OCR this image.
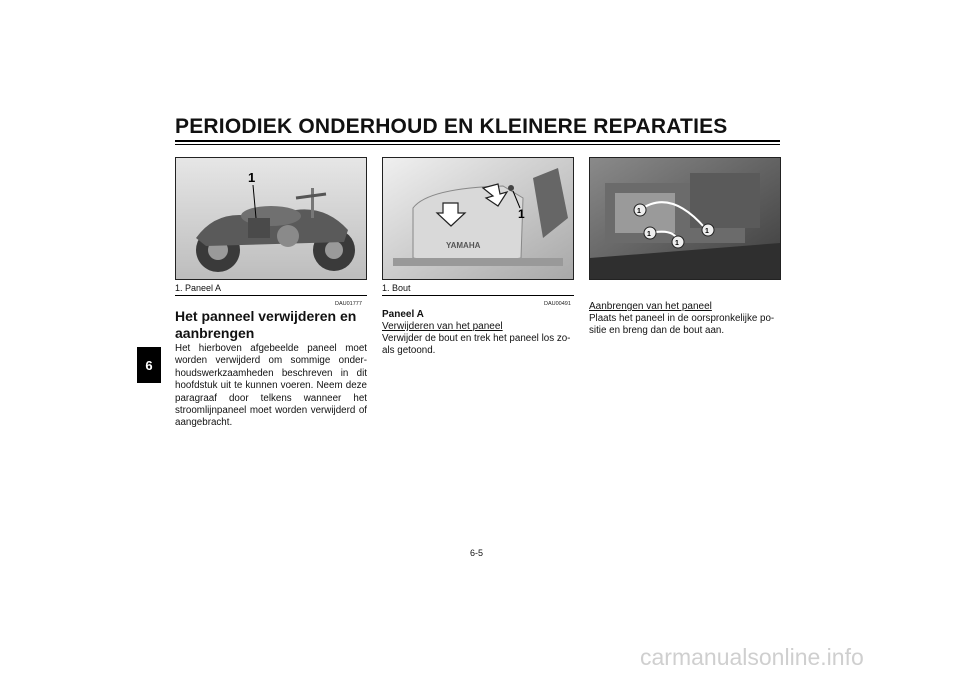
PERIODIEK ONDERHOUD EN KLEINERE REPARATIES
6
1
1. Paneel A
YAMAHA
1
1. Bout
1
1
1
1
DAU01777
Het panneel verwijderen en aanbrengen
Het hierboven afgebeelde paneel moet worden verwijderd om sommige onder-houdswerkzaamheden beschreven in dit hoofdstuk uit te kunnen voeren. Neem deze paragraaf door telkens wanneer het stroomlijnpaneel moet worden verwijderd of aangebracht.
DAU00491
Paneel A
Verwijderen van het paneel
Verwijder de bout en trek het paneel los zo-als getoond.
Aanbrengen van het paneel
Plaats het paneel in de oorspronkelijke po-sitie en breng dan de bout aan.
6-5
carmanualsonline.info
